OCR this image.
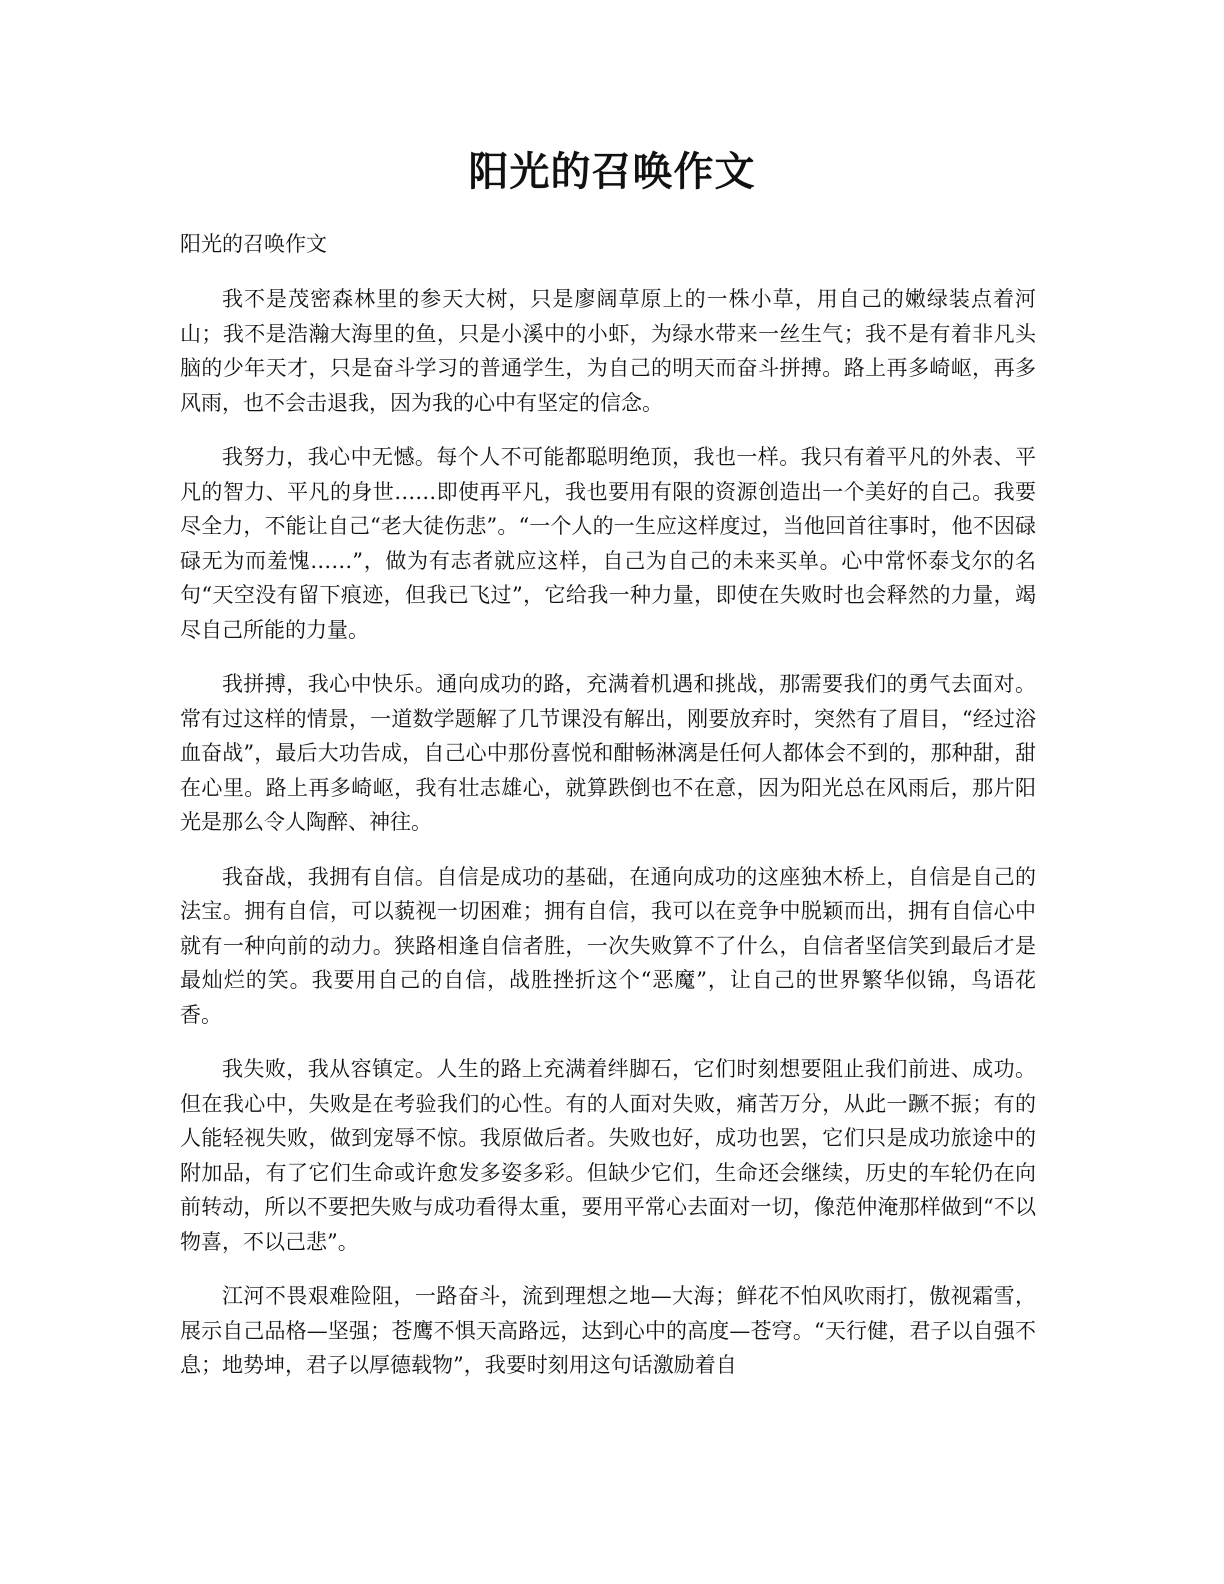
阳光的召唤作文

阳光的召唤作文

我不是茂密森林里的参天大树，只是廖阔草原上的一株小草，用自己的嫩绿装点着河山；我不是浩瀚大海里的鱼，只是小溪中的小虾，为绿水带来一丝生气；我不是有着非凡头脑的少年天才，只是奋斗学习的普通学生，为自己的明天而奋斗拼搏。路上再多崎岖，再多风雨，也不会击退我，因为我的心中有坚定的信念。

我努力，我心中无憾。每个人不可能都聪明绝顶，我也一样。我只有着平凡的外表、平凡的智力、平凡的身世……即使再平凡，我也要用有限的资源创造出一个美好的自己。我要尽全力，不能让自己“老大徒伤悲”。“一个人的一生应这样度过，当他回首往事时，他不因碌碌无为而羞愧……”，做为有志者就应这样，自己为自己的未来买单。心中常怀泰戈尔的名句“天空没有留下痕迹，但我已飞过”，它给我一种力量，即使在失败时也会释然的力量，竭尽自己所能的力量。

我拼搏，我心中快乐。通向成功的路，充满着机遇和挑战，那需要我们的勇气去面对。常有过这样的情景，一道数学题解了几节课没有解出，刚要放弃时，突然有了眉目，“经过浴血奋战”，最后大功告成，自己心中那份喜悦和酣畅淋漓是任何人都体会不到的，那种甜，甜在心里。路上再多崎岖，我有壮志雄心，就算跌倒也不在意，因为阳光总在风雨后，那片阳光是那么令人陶醉、神往。

我奋战，我拥有自信。自信是成功的基础，在通向成功的这座独木桥上，自信是自己的法宝。拥有自信，可以藐视一切困难；拥有自信，我可以在竞争中脱颖而出，拥有自信心中就有一种向前的动力。狭路相逢自信者胜，一次失败算不了什么，自信者坚信笑到最后才是最灿烂的笑。我要用自己的自信，战胜挫折这个“恶魔”，让自己的世界繁华似锦，鸟语花香。

我失败，我从容镇定。人生的路上充满着绊脚石，它们时刻想要阻止我们前进、成功。但在我心中，失败是在考验我们的心性。有的人面对失败，痛苦万分，从此一蹶不振；有的人能轻视失败，做到宠辱不惊。我原做后者。失败也好，成功也罢，它们只是成功旅途中的附加品，有了它们生命或许愈发多姿多彩。但缺少它们，生命还会继续，历史的车轮仍在向前转动，所以不要把失败与成功看得太重，要用平常心去面对一切，像范仲淹那样做到“不以物喜，不以己悲”。

江河不畏艰难险阻，一路奋斗，流到理想之地—大海；鲜花不怕风吹雨打，傲视霜雪，展示自己品格—坚强；苍鹰不惧天高路远，达到心中的高度—苍穹。“天行健，君子以自强不息；地势坤，君子以厚德载物”，我要时刻用这句话激励着自
